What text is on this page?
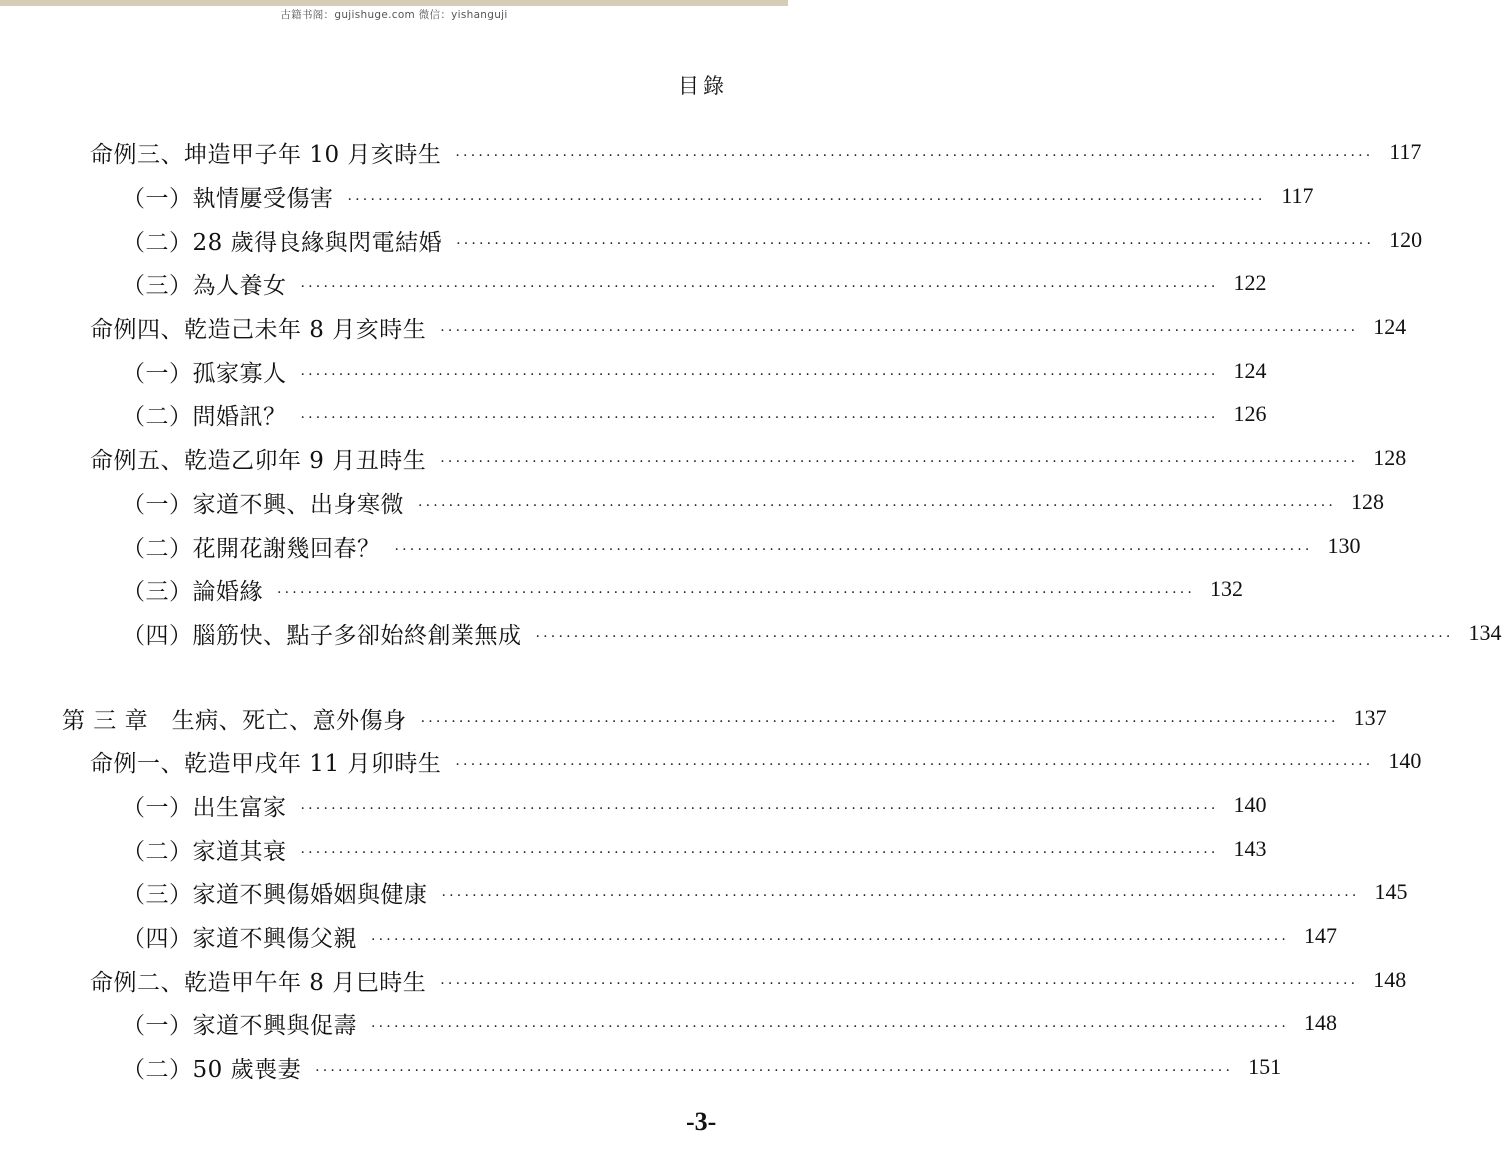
古籍书阁：gujishuge.com 微信：yishanguji
目錄
命例三、坤造甲子年 10 月亥時生 ........................................................................................................................ 117
（一）執情屢受傷害 ........................................................................................................................ 117
（二）28 歲得良緣與閃電結婚 ........................................................................................................................ 120
（三）為人養女 ........................................................................................................................ 122
命例四、乾造己未年 8 月亥時生 ........................................................................................................................ 124
（一）孤家寡人 ........................................................................................................................ 124
（二）問婚訊？ ........................................................................................................................ 126
命例五、乾造乙卯年 9 月丑時生 ........................................................................................................................ 128
（一）家道不興、出身寒微 ........................................................................................................................ 128
（二）花開花謝幾回春？ ........................................................................................................................ 130
（三）論婚緣 ........................................................................................................................ 132
（四）腦筋快、點子多卻始終創業無成 ........................................................................................................................ 134
第 三 章　生病、死亡、意外傷身 ........................................................................................................................ 137
命例一、乾造甲戌年 11 月卯時生 ........................................................................................................................ 140
（一）出生富家 ........................................................................................................................ 140
（二）家道其衰 ........................................................................................................................ 143
（三）家道不興傷婚姻與健康 ........................................................................................................................ 145
（四）家道不興傷父親 ........................................................................................................................ 147
命例二、乾造甲午年 8 月巳時生 ........................................................................................................................ 148
（一）家道不興與促壽 ........................................................................................................................ 148
（二）50 歲喪妻 ........................................................................................................................ 151
-3-
